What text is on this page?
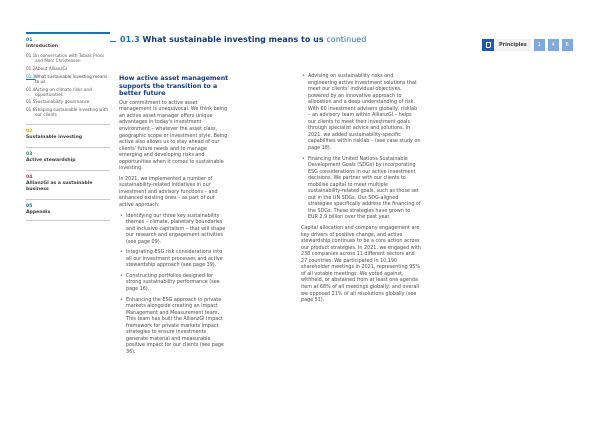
01
Introduction
01.1 In conversation with Tobias Pross and Marc Christensen
01.2 About AllianzGI
01.3 What sustainable investing means to us
01.4 Acting on climate risks and opportunities
01.5 Sustainability governance
01.6 Shaping sustainable investing with our clients
02
Sustainable investing
03
Active stewardship
04
AllianzGI as a sustainable business
05
Appendix
01.3 What sustainable investing means to us continued
Principles	1	4	6
How active asset management supports the transition to a better future

Our commitment to active asset management is unequivocal. We think being an active asset manager offers unique advantages in today's investment environment – whatever the asset class, geographic scope or investment style. Being active also allows us to stay ahead of our clients' future needs and to manage emerging and developing risks and opportunities when it comes to sustainable investing.

In 2021, we implemented a number of sustainability-related initiatives in our investment and advisory functions – and enhanced existing ones – as part of our active approach:

• Identifying our three key sustainability themes – climate, planetary boundaries and inclusive capitalism – that will shape our research and engagement activities (see page 09).
• Integrating ESG risk considerations into all our investment processes and active stewardship approach (see page 39).
• Constructing portfolios designed for strong sustainability performance (see page 16).
• Enhancing the ESG approach in private markets alongside creating an Impact Management and Measurement team. This team has built the AllianzGI Impact framework for private markets impact strategies to ensure investments generate material and measurable positive impact for our clients (see page 36).
• Advising on sustainability risks and engineering active investment solutions that meet our clients' individual objectives, powered by an innovative approach to allocation and a deep understanding of risk. With 60 investment advisers globally, risklab – an advisory team within AllianzGI – helps our clients to meet their investment goals through specialist advice and solutions. In 2021, we added sustainability-specific capabilities within risklab – (see case study on page 18).
• Financing the United Nations Sustainable Development Goals (SDGs) by incorporating ESG considerations in our active investment decisions. We partner with our clients to mobilise capital to meet multiple sustainability-related goals, such as those set out in the UN SDGs. Our SDG-aligned strategies specifically address the financing of the SDGs. These strategies have grown to EUR 2.9 billion over the past year.

Capital allocation and company engagement are key drivers of positive change, and active stewardship continues to be a core action across our product strategies. In 2021, we engaged with 238 companies across 11 different sectors and 27 countries. We participated in 10,190 shareholder meetings in 2021, representing 95% of all votable meetings. We voted against, withheld, or abstained from at least one agenda item at 68% of all meetings globally; and overall we opposed 21% of all resolutions globally (see page 51).
